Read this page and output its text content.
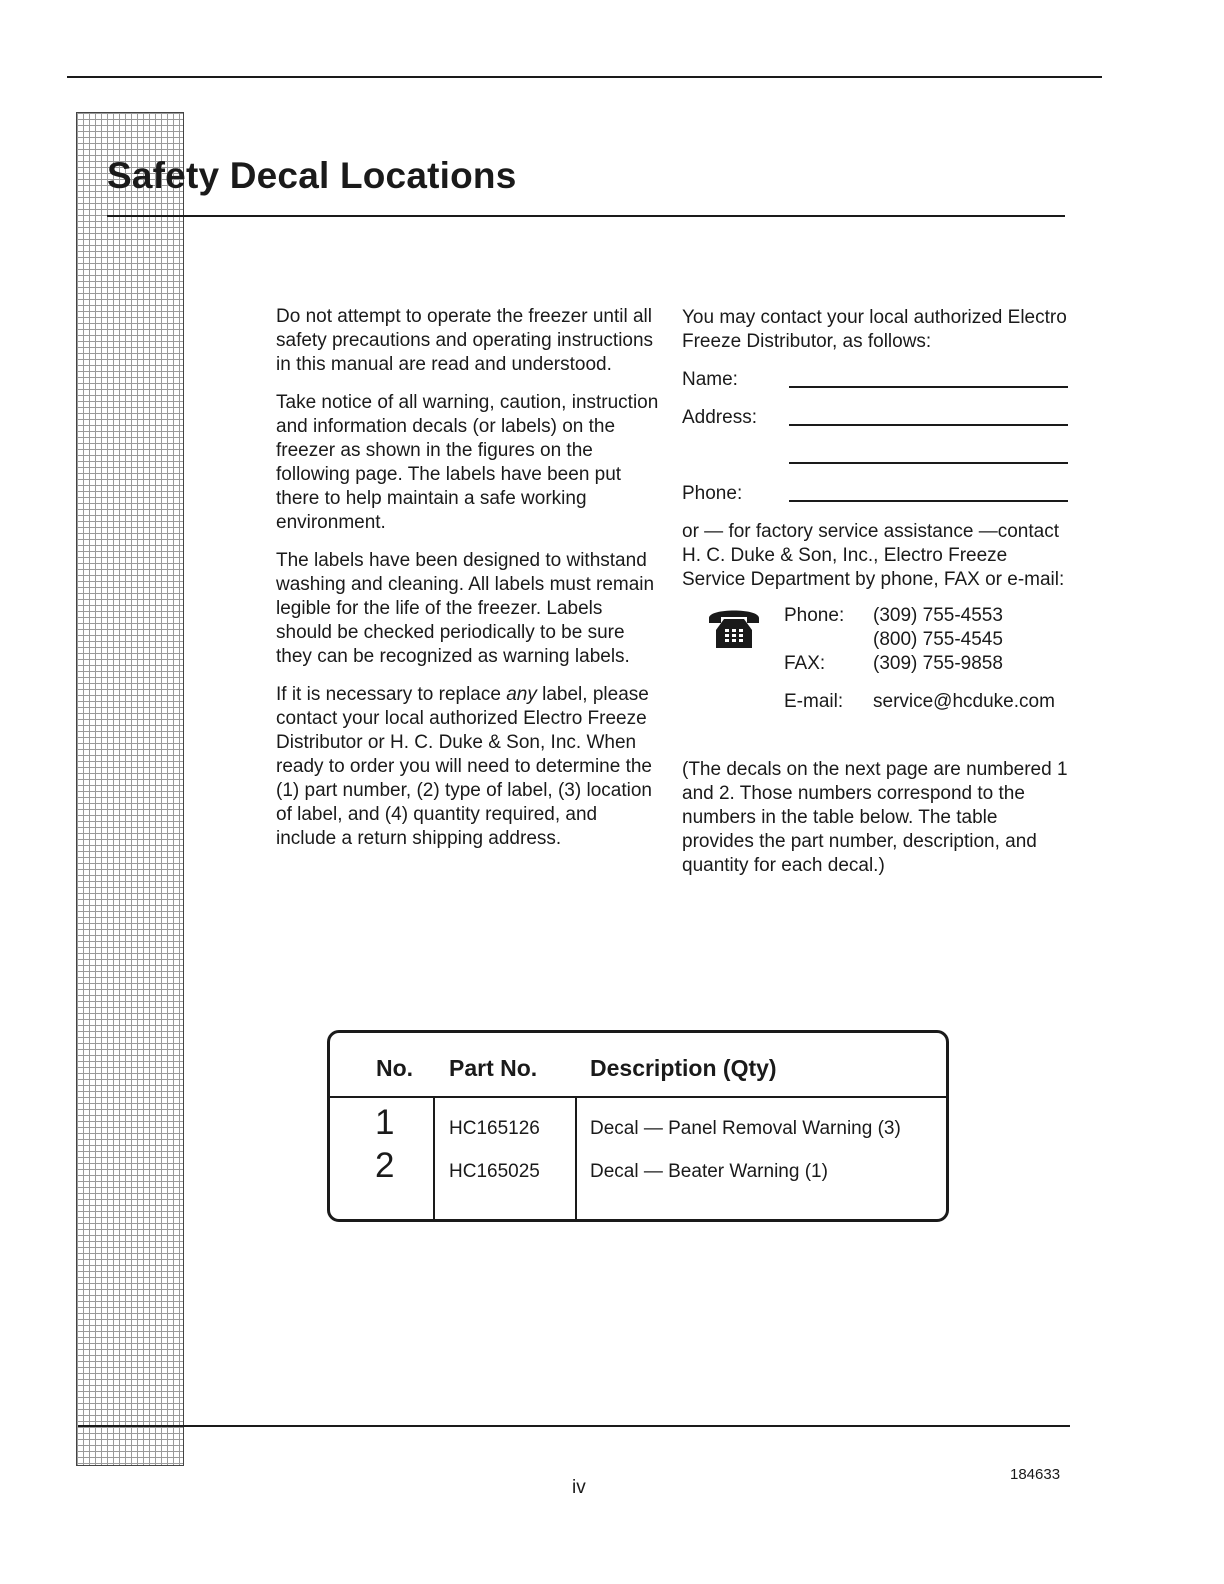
Safety Decal Locations

Do not attempt to operate the freezer until all safety precautions and operating instructions in this manual are read and understood.

Take notice of all warning, caution, instruction and information decals (or labels) on the freezer as shown in the figures on the following page. The labels have been put there to help maintain a safe working environment.

The labels have been designed to withstand washing and cleaning. All labels must remain legible for the life of the freezer. Labels should be checked periodically to be sure they can be recognized as warning labels.

If it is necessary to replace any label, please contact your local authorized Electro Freeze Distributor or H. C. Duke & Son, Inc. When ready to order you will need to determine the (1) part number, (2) type of label, (3) location of label, and (4) quantity required, and include a return shipping address.

You may contact your local authorized Electro Freeze Distributor, as follows:
Name:
Address:
Phone:
or — for factory service assistance —contact H. C. Duke & Son, Inc., Electro Freeze Service Department by phone, FAX or e-mail:
Phone: (309) 755-4553
(800) 755-4545
FAX:	(309) 755-9858
E-mail: service@hcduke.com
(The decals on the next page are numbered 1 and 2. Those numbers correspond to the numbers in the table below. The table provides the part number, description, and quantity for each decal.)
No. Part No. Description (Qty)
1	HC165126	Decal — Panel Removal Warning (3)
2	HC165025	Decal — Beater Warning (1)
iv
184633
